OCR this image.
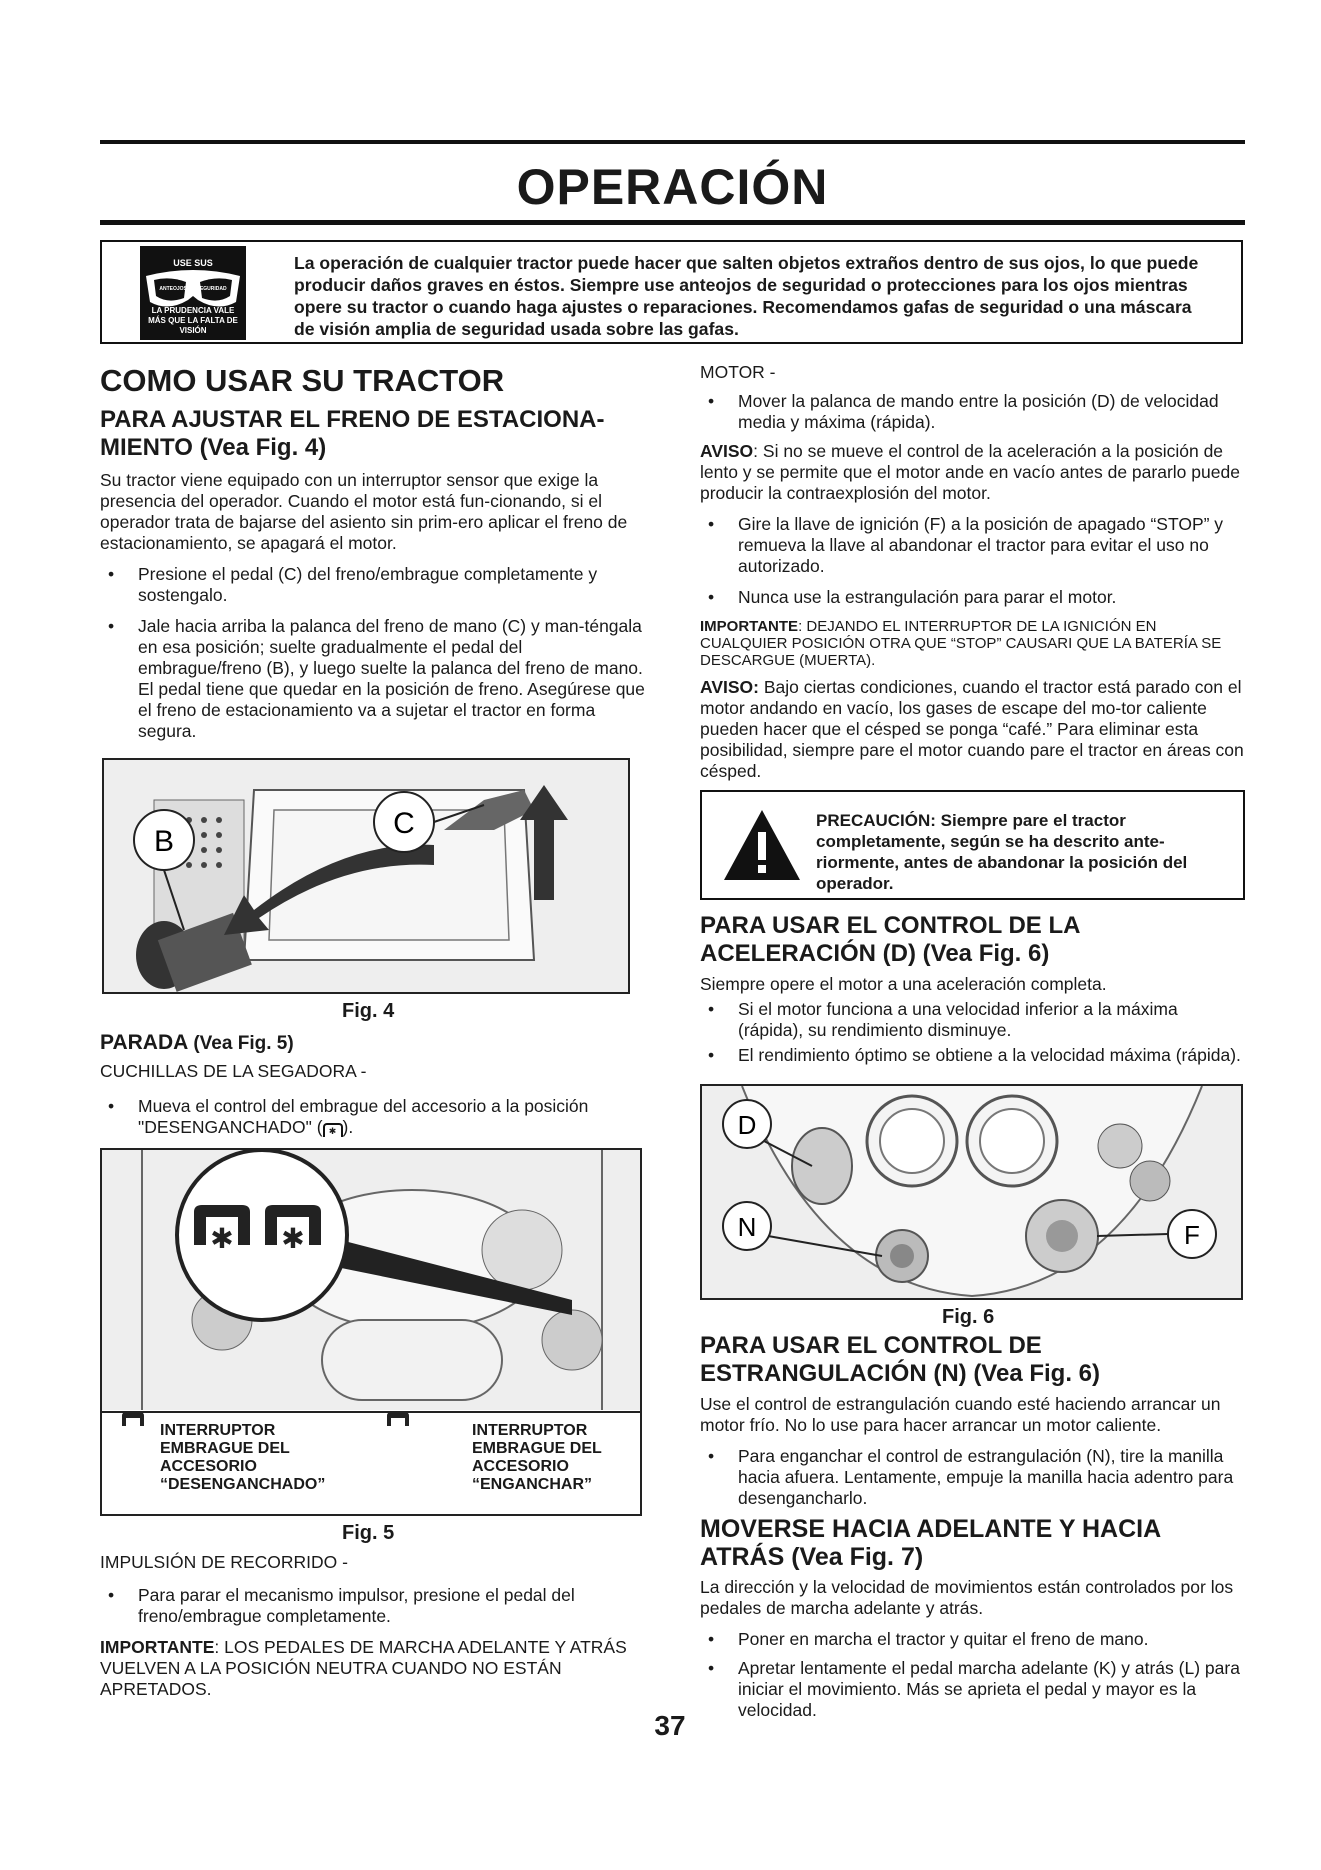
OPERACIÓN
USE SUS
ANTEOJOS DE SEGURIDAD
LA PRUDENCIA VALE MÁS QUE LA FALTA DE VISIÓN
La operación de cualquier tractor puede hacer que salten objetos extraños dentro de sus ojos, lo que puede producir daños graves en éstos. Siempre use anteojos de seguridad o protecciones para los ojos mientras opere su tractor o cuando haga ajustes o reparaciones. Recomendamos gafas de seguridad o una máscara de visión amplia de seguridad usada sobre las gafas.

COMO USAR SU TRACTOR

PARA AJUSTAR EL FRENO DE ESTACIONA-MIENTO (Vea Fig. 4)

Su tractor viene equipado con un interruptor sensor que exige la presencia del operador. Cuando el motor está fun-cionando, si el operador trata de bajarse del asiento sin prim-ero aplicar el freno de estacionamiento, se apagará el motor.

• Presione el pedal (C) del freno/embrague completamente y sostengalo.

• Jale hacia arriba la palanca del freno de mano (C) y man-téngala en esa posición; suelte gradualmente el pedal del embrague/freno (B), y luego suelte la palanca del freno de mano. El pedal tiene que quedar en la posición de freno. Asegúrese que el freno de estacionamiento va a sujetar el tractor en forma segura.

B
C
Fig. 4

PARADA (Vea Fig. 5)

CUCHILLAS DE LA SEGADORA -

• Mueva el control del embrague del accesorio a la posición "DESENGANCHADO" ( ✱ ).

✱ ✱
INTERRUPTOR EMBRAGUE DEL ACCESORIO “DESENGANCHADO”
INTERRUPTOR EMBRAGUE DEL ACCESORIO “ENGANCHAR”
Fig. 5

IMPULSIÓN DE RECORRIDO -

• Para parar el mecanismo impulsor, presione el pedal del freno/embrague completamente.

IMPORTANTE: LOS PEDALES DE MARCHA ADELANTE Y ATRÁS VUELVEN A LA POSICIÓN NEUTRA CUANDO NO ESTÁN APRETADOS.

MOTOR -

• Mover la palanca de mando entre la posición (D) de velocidad media y máxima (rápida).

AVISO: Si no se mueve el control de la aceleración a la posición de lento y se permite que el motor ande en vacío antes de pararlo puede producir la contraexplosión del motor.

• Gire la llave de ignición (F) a la posición de apagado “STOP” y remueva la llave al abandonar el tractor para evitar el uso no autorizado.

• Nunca use la estrangulación para parar el motor.

IMPORTANTE: DEJANDO EL INTERRUPTOR DE LA IGNICIÓN EN CUALQUIER POSICIÓN OTRA QUE “STOP” CAUSARI QUE LA BATERÍA SE DESCARGUE (MUERTA).

AVISO: Bajo ciertas condiciones, cuando el tractor está parado con el motor andando en vacío, los gases de escape del mo-tor caliente pueden hacer que el césped se ponga “café.” Para eliminar esta posibilidad, siempre pare el motor cuando pare el tractor en áreas con césped.

PRECAUCIÓN: Siempre pare el tractor completamente, según se ha descrito ante-riormente, antes de abandonar la posición del operador.

PARA USAR EL CONTROL DE LA ACELERACIÓN (D) (Vea Fig. 6)

Siempre opere el motor a una aceleración completa.

• Si el motor funciona a una velocidad inferior a la máxima (rápida), su rendimiento disminuye.

• El rendimiento óptimo se obtiene a la velocidad máxima (rápida).

D
N	F
Fig. 6

PARA USAR EL CONTROL DE ESTRANGULACIÓN (N) (Vea Fig. 6)

Use el control de estrangulación cuando esté haciendo arrancar un motor frío. No lo use para hacer arrancar un motor caliente.

• Para enganchar el control de estrangulación (N), tire la manilla hacia afuera. Lentamente, empuje la manilla hacia adentro para desengancharlo.

MOVERSE HACIA ADELANTE Y HACIA ATRÁS (Vea Fig. 7)

La dirección y la velocidad de movimientos están controlados por los pedales de marcha adelante y atrás.

• Poner en marcha el tractor y quitar el freno de mano.

• Apretar lentamente el pedal marcha adelante (K) y atrás (L) para iniciar el movimiento. Más se aprieta el pedal y mayor es la velocidad.

37
